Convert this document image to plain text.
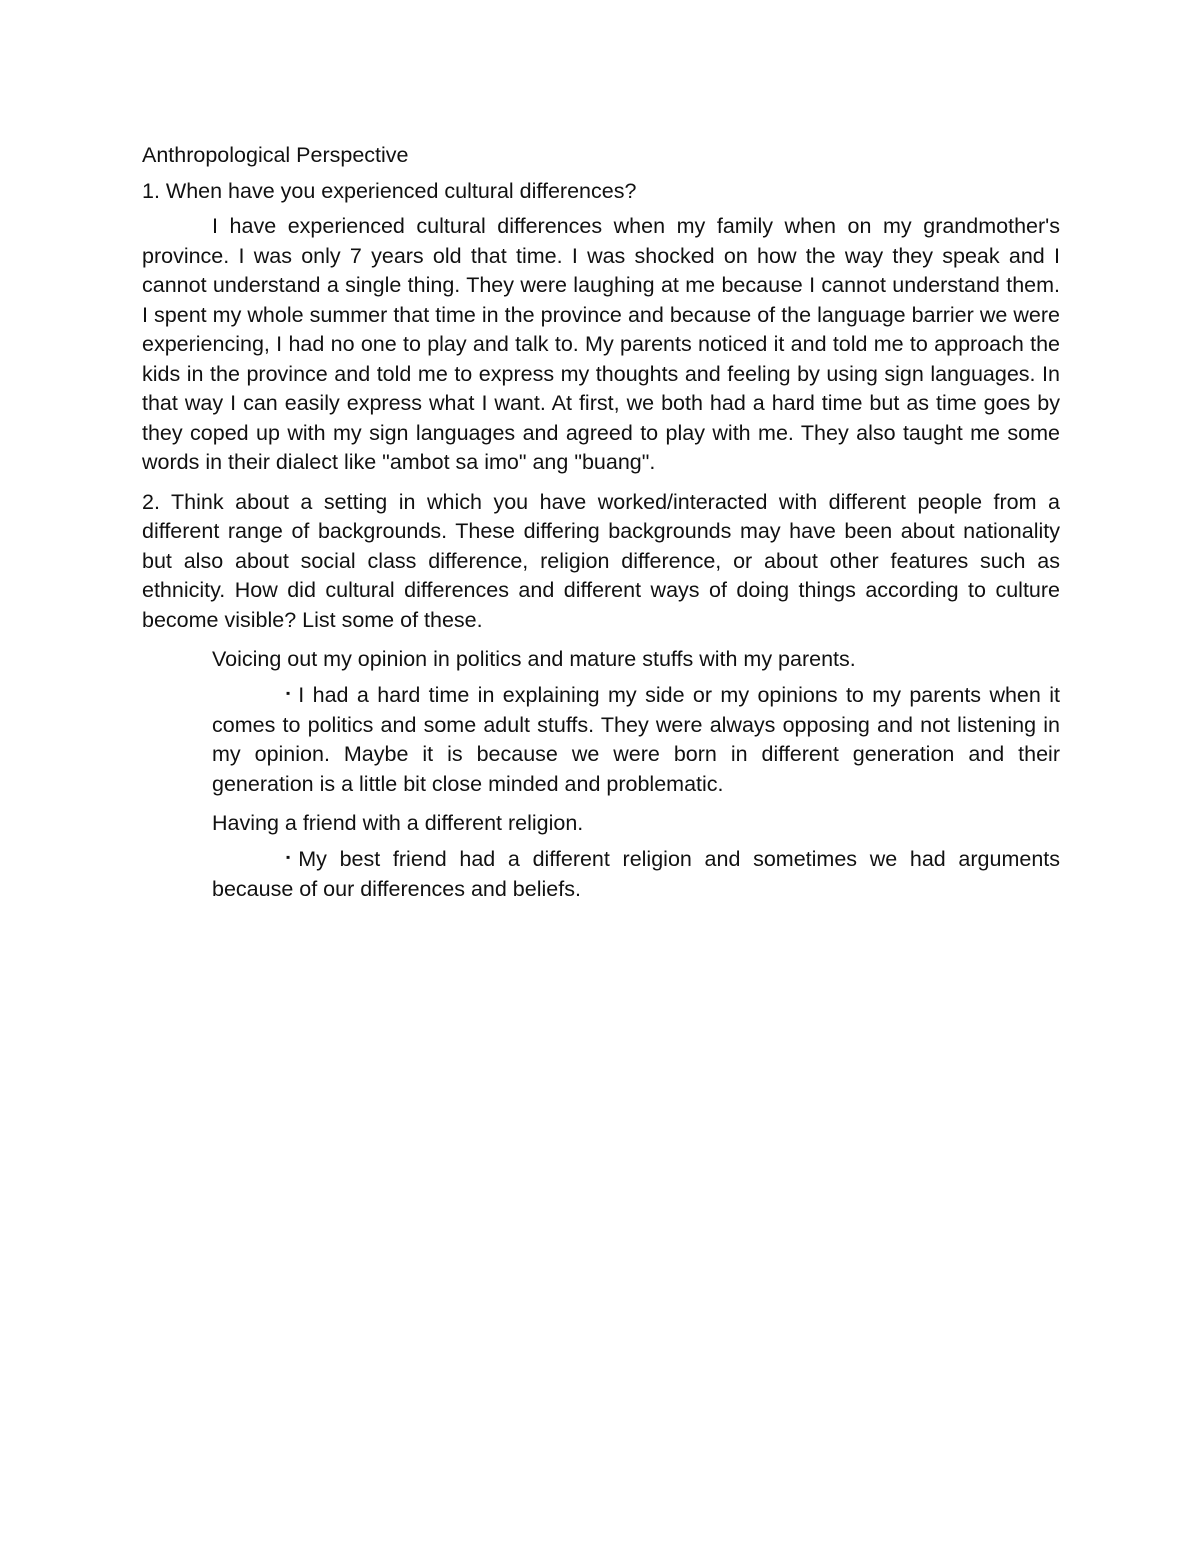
Anthropological Perspective

1. When have you experienced cultural differences?

I have experienced cultural differences when my family when on my grandmother's province. I was only 7 years old that time. I was shocked on how the way they speak and I cannot understand a single thing. They were laughing at me because I cannot understand them. I spent my whole summer that time in the province and because of the language barrier we were experiencing, I had no one to play and talk to. My parents noticed it and told me to approach the kids in the province and told me to express my thoughts and feeling by using sign languages. In that way I can easily express what I want. At first, we both had a hard time but as time goes by they coped up with my sign languages and agreed to play with me. They also taught me some words in their dialect like "ambot sa imo" ang "buang".

2. Think about a setting in which you have worked/interacted with different people from a different range of backgrounds. These differing backgrounds may have been about nationality but also about social class difference, religion difference, or about other features such as ethnicity. How did cultural differences and different ways of doing things according to culture become visible? List some of these.

Voicing out my opinion in politics and mature stuffs with my parents.

▪ I had a hard time in explaining my side or my opinions to my parents when it comes to politics and some adult stuffs. They were always opposing and not listening in my opinion. Maybe it is because we were born in different generation and their generation is a little bit close minded and problematic.

Having a friend with a different religion.

▪ My best friend had a different religion and sometimes we had arguments because of our differences and beliefs.
